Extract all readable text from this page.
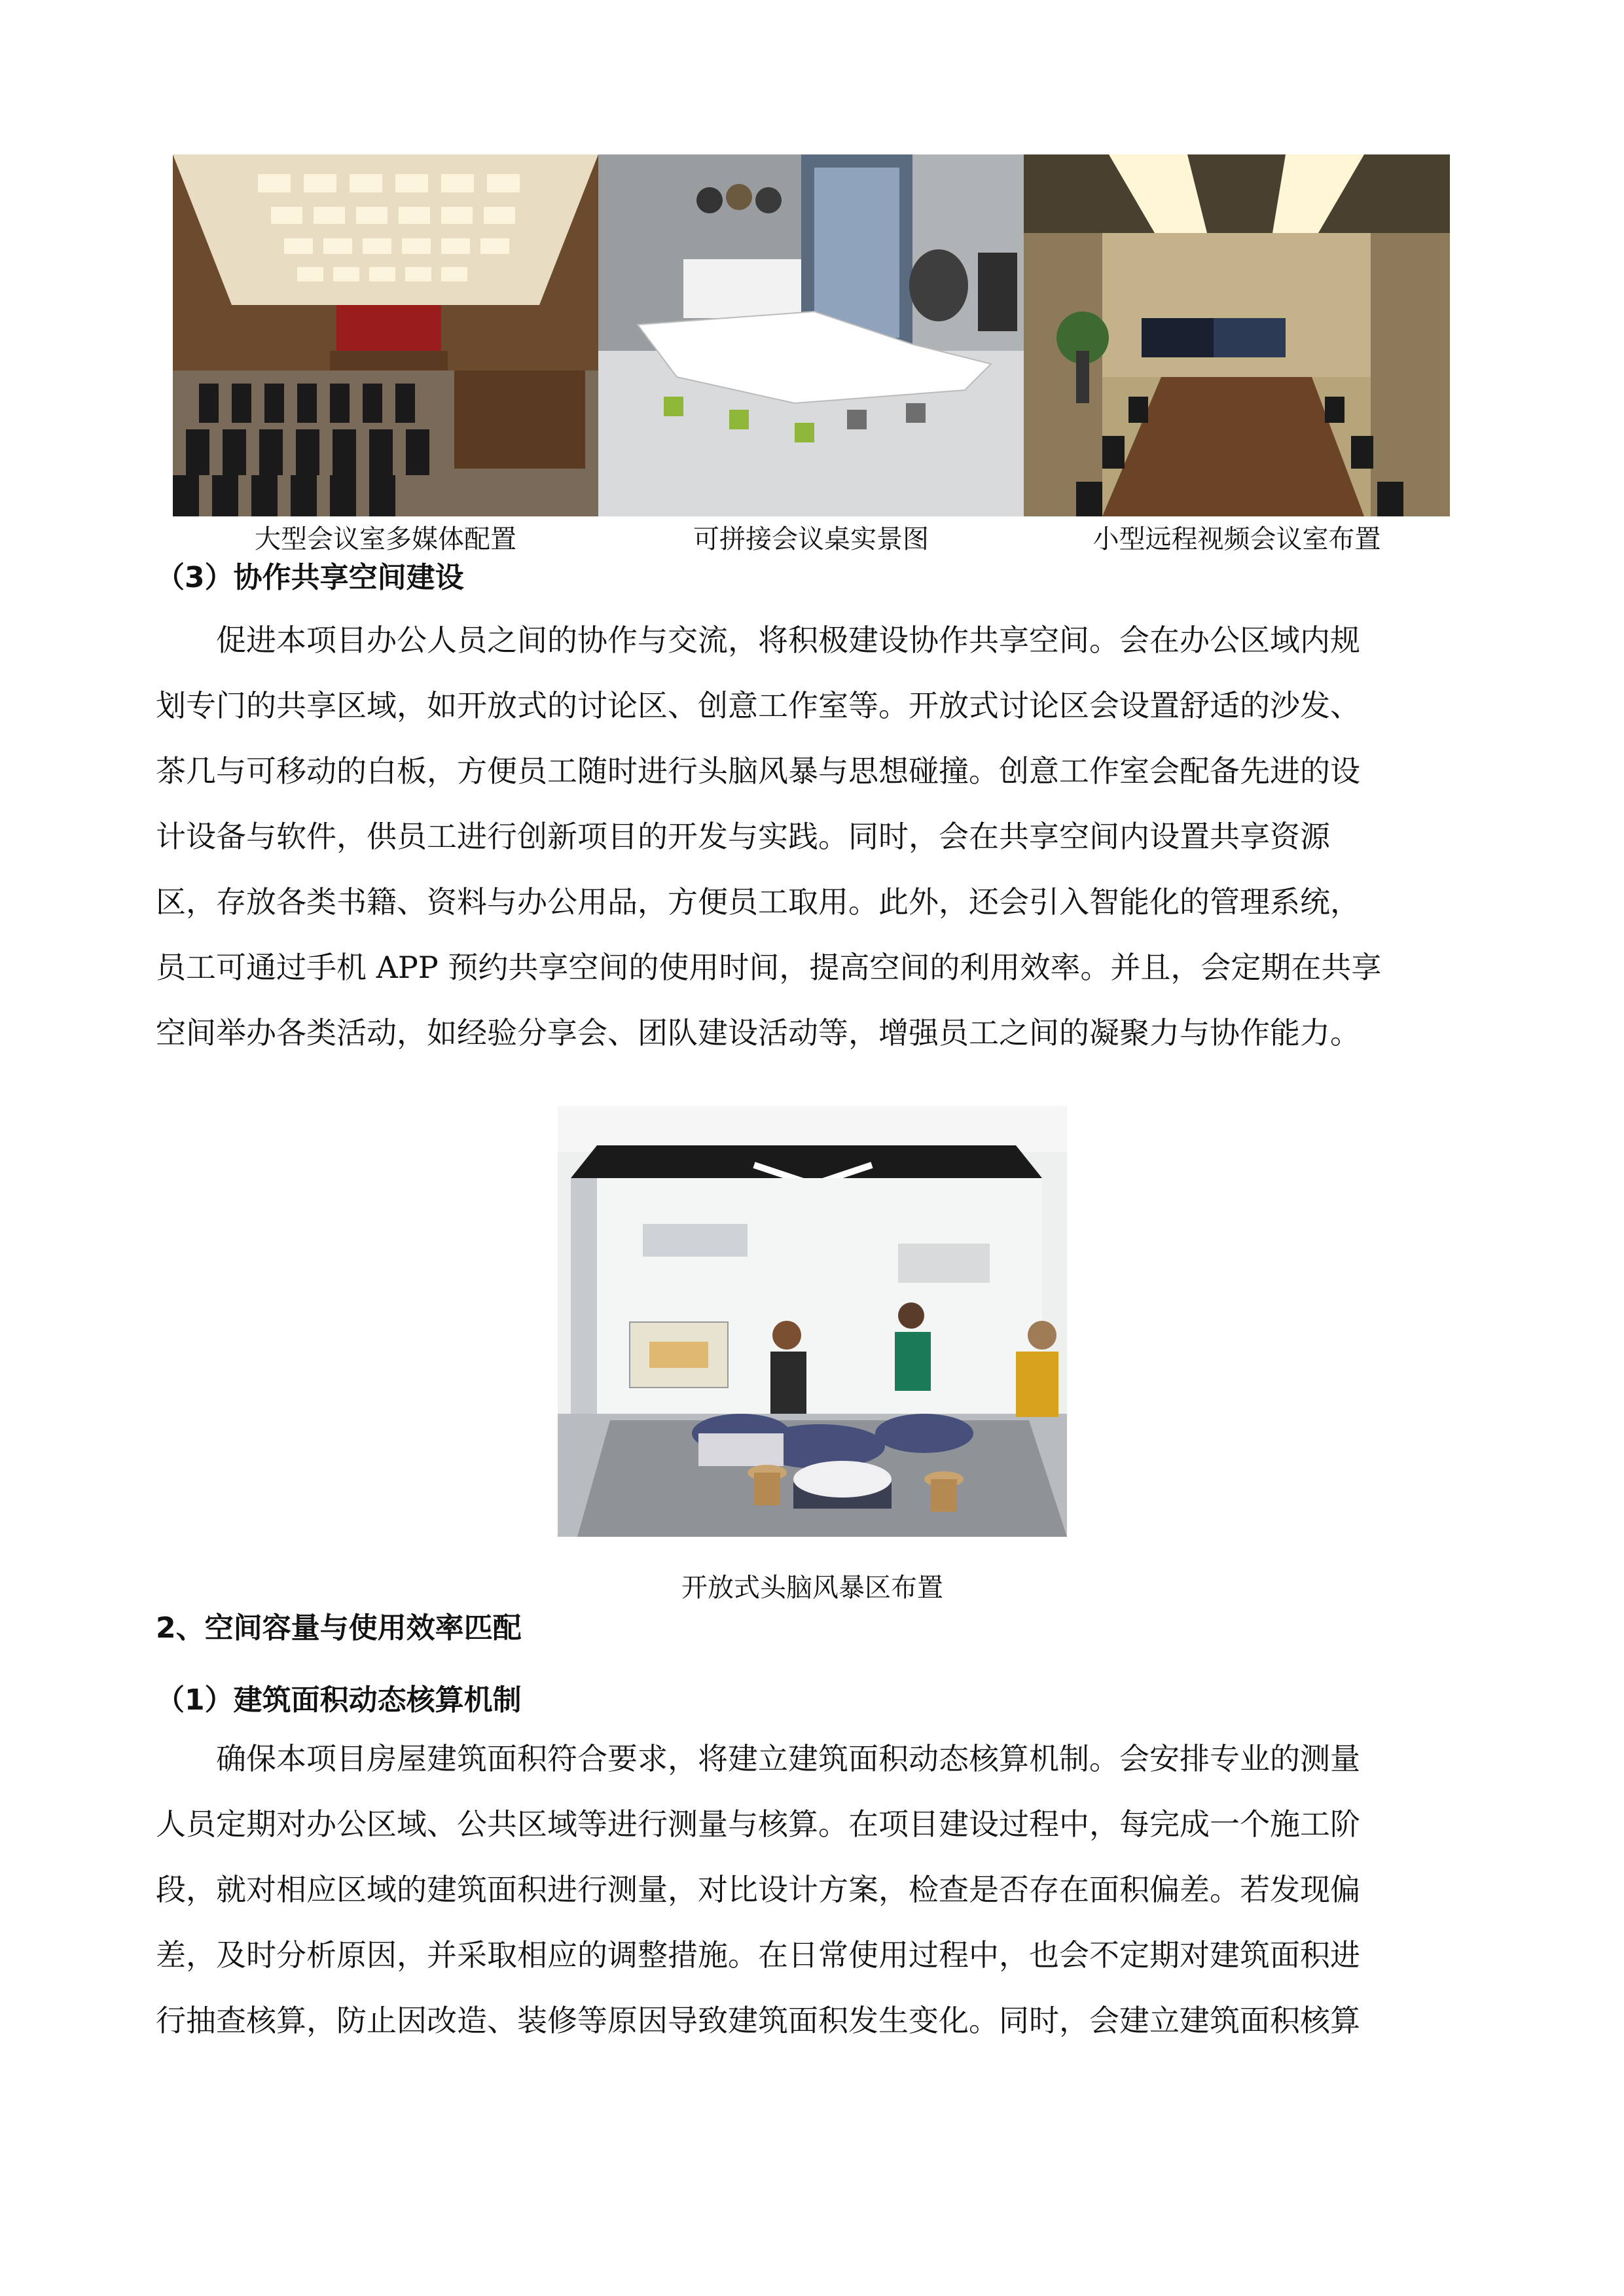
大型会议室多媒体配置	可拼接会议桌实景图	小型远程视频会议室布置
（3）协作共享空间建设
促进本项目办公人员之间的协作与交流，将积极建设协作共享空间。会在办公区域内规
划专门的共享区域，如开放式的讨论区、创意工作室等。开放式讨论区会设置舒适的沙发、
茶几与可移动的白板，方便员工随时进行头脑风暴与思想碰撞。创意工作室会配备先进的设
计设备与软件，供员工进行创新项目的开发与实践。同时，会在共享空间内设置共享资源
区，存放各类书籍、资料与办公用品，方便员工取用。此外，还会引入智能化的管理系统，
员工可通过手机 APP 预约共享空间的使用时间，提高空间的利用效率。并且，会定期在共享
空间举办各类活动，如经验分享会、团队建设活动等，增强员工之间的凝聚力与协作能力。
开放式头脑风暴区布置
2、空间容量与使用效率匹配
（1）建筑面积动态核算机制
确保本项目房屋建筑面积符合要求，将建立建筑面积动态核算机制。会安排专业的测量
人员定期对办公区域、公共区域等进行测量与核算。在项目建设过程中，每完成一个施工阶
段，就对相应区域的建筑面积进行测量，对比设计方案，检查是否存在面积偏差。若发现偏
差，及时分析原因，并采取相应的调整措施。在日常使用过程中，也会不定期对建筑面积进
行抽查核算，防止因改造、装修等原因导致建筑面积发生变化。同时，会建立建筑面积核算
